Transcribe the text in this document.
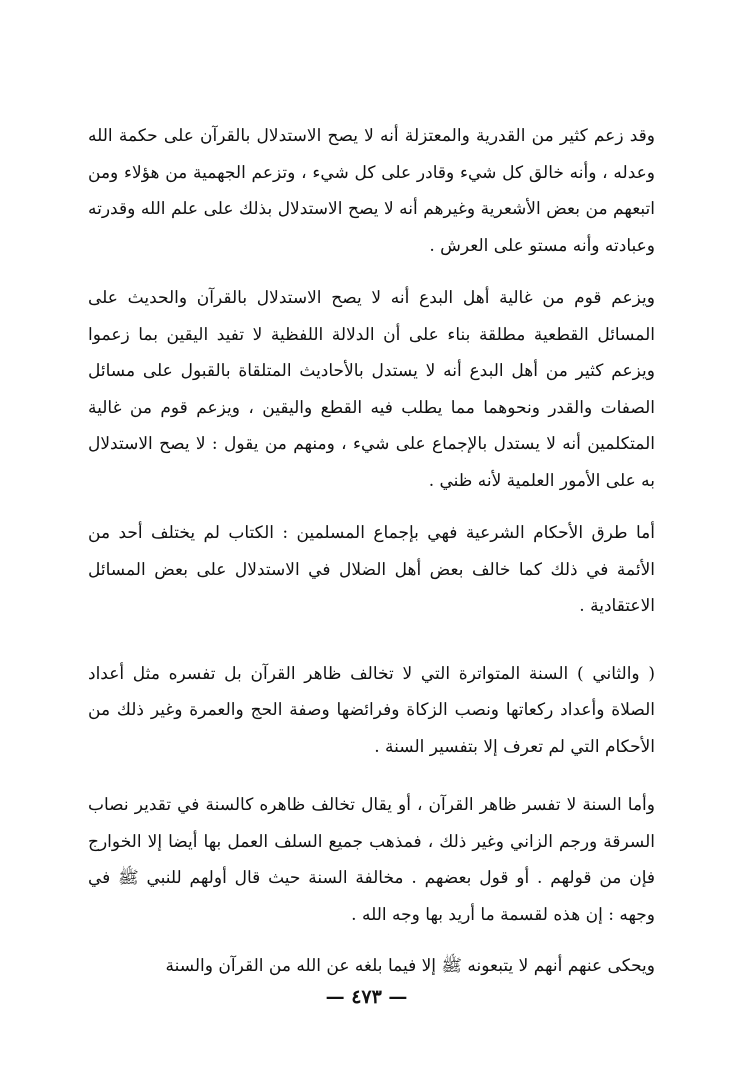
وقد زعم كثير من القدرية والمعتزلة أنه لا يصح الاستدلال بالقرآن على حكمة الله وعدله ، وأنه خالق كل شيء وقادر على كل شيء ، وتزعم الجهمية من هؤلاء ومن اتبعهم من بعض الأشعرية وغيرهم أنه لا يصح الاستدلال بذلك على علم الله وقدرته وعبادته وأنه مستو على العرش .

ويزعم قوم من غالية أهل البدع أنه لا يصح الاستدلال بالقرآن والحديث على المسائل القطعية مطلقة بناء على أن الدلالة اللفظية لا تفيد اليقين بما زعموا ويزعم كثير من أهل البدع أنه لا يستدل بالأحاديث المتلقاة بالقبول على مسائل الصفات والقدر ونحوهما مما يطلب فيه القطع واليقين ، ويزعم قوم من غالية المتكلمين أنه لا يستدل بالإجماع على شيء ، ومنهم من يقول : لا يصح الاستدلال به على الأمور العلمية لأنه ظني .

أما طرق الأحكام الشرعية فهي بإجماع المسلمين : الكتاب لم يختلف أحد من الأئمة في ذلك كما خالف بعض أهل الضلال في الاستدلال على بعض المسائل الاعتقادية .

( والثاني ) السنة المتواترة التي لا تخالف ظاهر القرآن بل تفسره مثل أعداد الصلاة وأعداد ركعاتها ونصب الزكاة وفرائضها وصفة الحج والعمرة وغير ذلك من الأحكام التي لم تعرف إلا بتفسير السنة .

وأما السنة لا تفسر ظاهر القرآن ، أو يقال تخالف ظاهره كالسنة في تقدير نصاب السرقة ورجم الزاني وغير ذلك ، فمذهب جميع السلف العمل بها أيضا إلا الخوارج فإن من قولهم . أو قول بعضهم . مخالفة السنة حيث قال أولهم للنبي ﷺ في وجهه : إن هذه لقسمة ما أريد بها وجه الله .

ويحكى عنهم أنهم لا يتبعونه ﷺ إلا فيما بلغه عن الله من القرآن والسنة

— ٤٧٣ —
